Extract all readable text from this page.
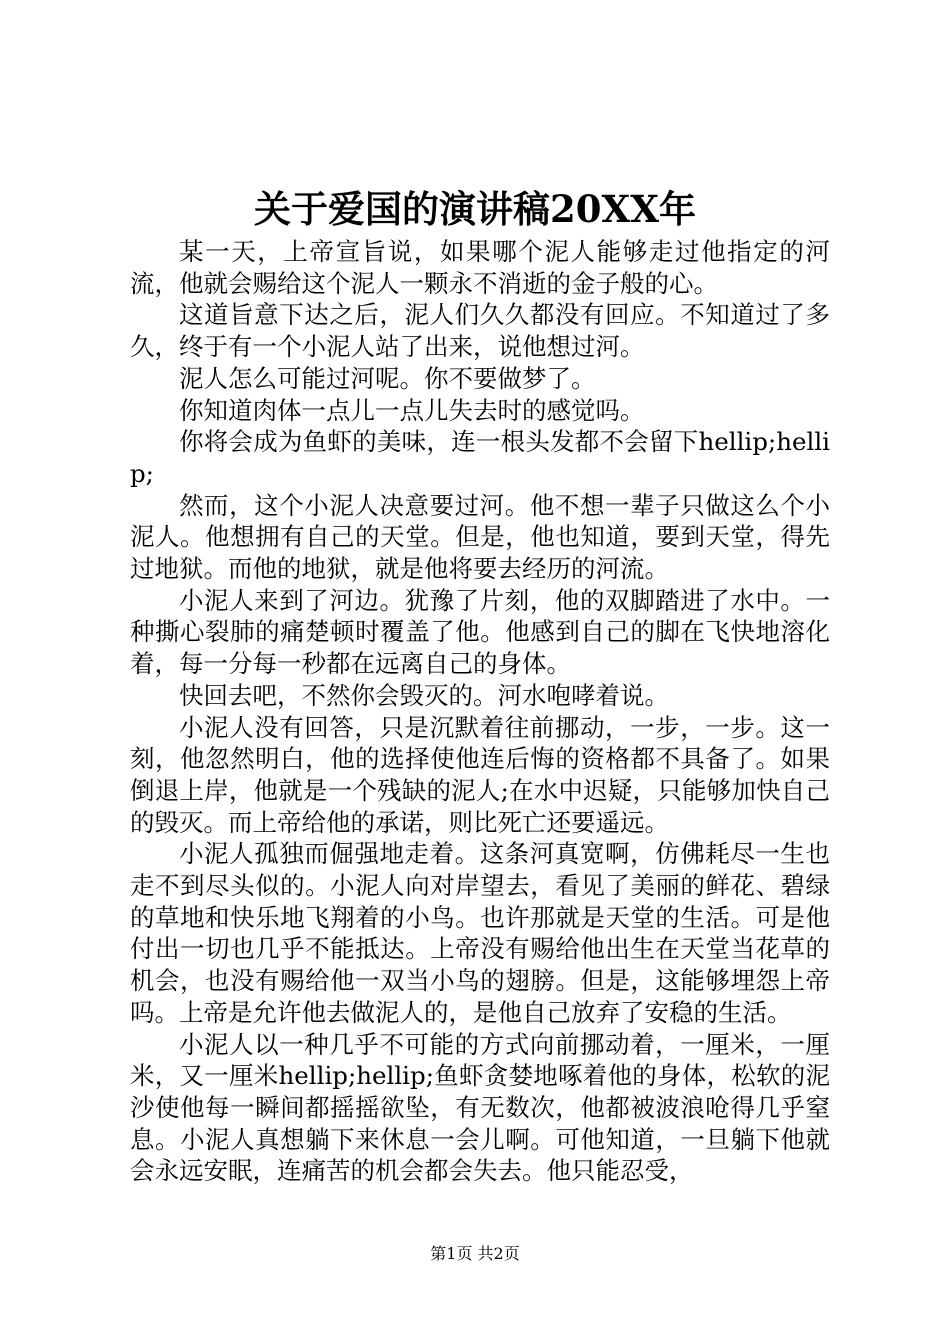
关于爱国的演讲稿20XX年

某一天，上帝宣旨说，如果哪个泥人能够走过他指定的河流，他就会赐给这个泥人一颗永不消逝的金子般的心。

这道旨意下达之后，泥人们久久都没有回应。不知道过了多久，终于有一个小泥人站了出来，说他想过河。

泥人怎么可能过河呢。你不要做梦了。

你知道肉体一点儿一点儿失去时的感觉吗。

你将会成为鱼虾的美味，连一根头发都不会留下hellip;hellip;

然而，这个小泥人决意要过河。他不想一辈子只做这么个小泥人。他想拥有自己的天堂。但是，他也知道，要到天堂，得先过地狱。而他的地狱，就是他将要去经历的河流。

小泥人来到了河边。犹豫了片刻，他的双脚踏进了水中。一种撕心裂肺的痛楚顿时覆盖了他。他感到自己的脚在飞快地溶化着，每一分每一秒都在远离自己的身体。

快回去吧，不然你会毁灭的。河水咆哮着说。

小泥人没有回答，只是沉默着往前挪动，一步，一步。这一刻，他忽然明白，他的选择使他连后悔的资格都不具备了。如果倒退上岸，他就是一个残缺的泥人;在水中迟疑，只能够加快自己的毁灭。而上帝给他的承诺，则比死亡还要遥远。

小泥人孤独而倔强地走着。这条河真宽啊，仿佛耗尽一生也走不到尽头似的。小泥人向对岸望去，看见了美丽的鲜花、碧绿的草地和快乐地飞翔着的小鸟。也许那就是天堂的生活。可是他付出一切也几乎不能抵达。上帝没有赐给他出生在天堂当花草的机会，也没有赐给他一双当小鸟的翅膀。但是，这能够埋怨上帝吗。上帝是允许他去做泥人的，是他自己放弃了安稳的生活。

小泥人以一种几乎不可能的方式向前挪动着，一厘米，一厘米，又一厘米hellip;hellip;鱼虾贪婪地啄着他的身体，松软的泥沙使他每一瞬间都摇摇欲坠，有无数次，他都被波浪呛得几乎窒息。小泥人真想躺下来休息一会儿啊。可他知道，一旦躺下他就会永远安眠，连痛苦的机会都会失去。他只能忍受，

第1页 共2页
